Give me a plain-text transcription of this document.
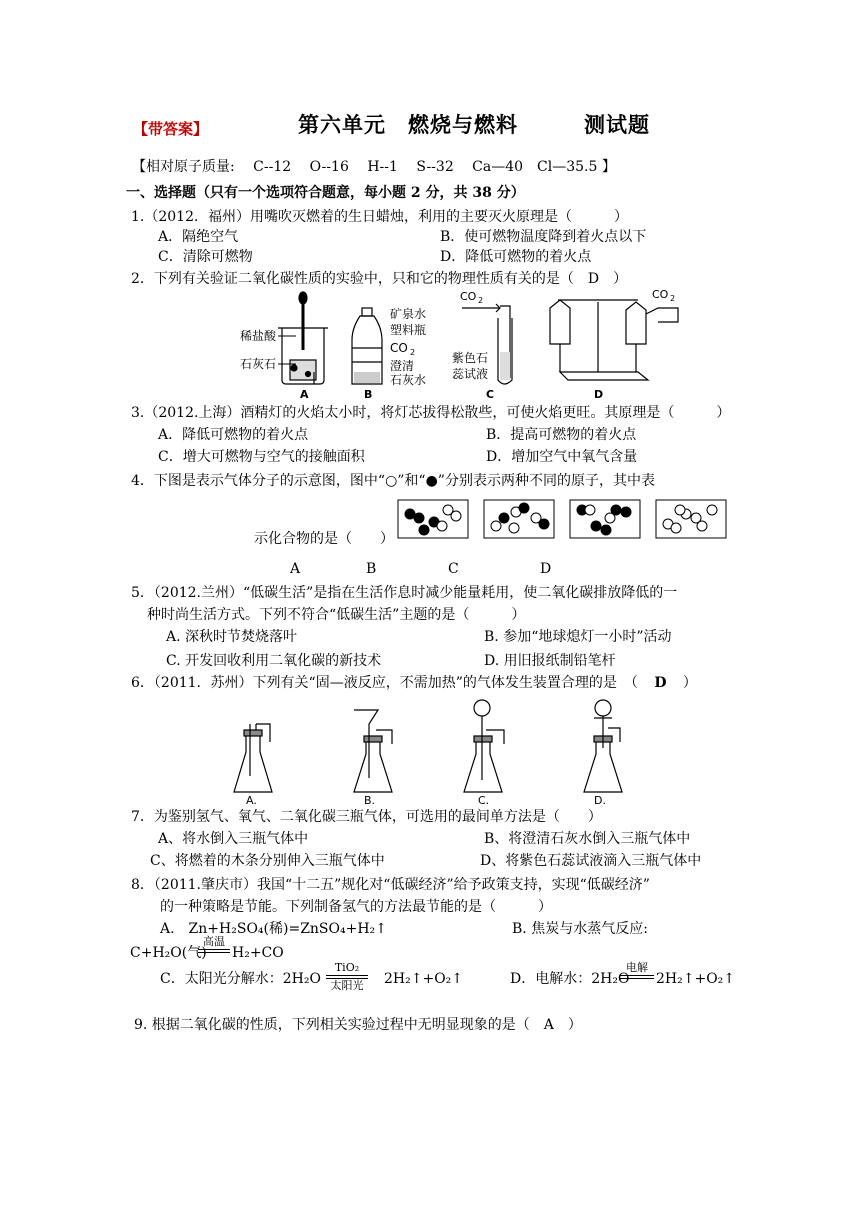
【带答案】	第六单元　燃烧与燃料　　　测试题
【相对原子质量:　 C--12　 O--16　 H--1　 S--32　 Ca—40　Cl—35.5 】
一、选择题（只有一个选项符合题意，每小题 2 分，共 38 分）
1.（2012．福州）用嘴吹灭燃着的生日蜡烛，利用的主要灭火原理是（　　　）
A．隔绝空气	B．使可燃物温度降到着火点以下
C．清除可燃物	D．降低可燃物的着火点
2．下列有关验证二氧化碳性质的实验中，只和它的物理性质有关的是（　D　）
稀盐酸
石灰石
A
矿泉水
塑料瓶
CO 2
澄清
石灰水
B
CO 2
紫色石
蕊试液
C
CO 2
D
3.（2012.上海）酒精灯的火焰太小时，将灯芯拔得松散些，可使火焰更旺。其原理是（　　　）
A．降低可燃物的着火点	B．提高可燃物的着火点
C．增大可燃物与空气的接触面积	D．增加空气中氧气含量
4．下图是表示气体分子的示意图，图中“○”和“●”分别表示两种不同的原子，其中表
示化合物的是（　　）
A	B	C	D
5．（2012.兰州）“低碳生活”是指在生活作息时减少能量耗用，使二氧化碳排放降低的一
种时尚生活方式。下列不符合“低碳生活”主题的是（　　　）
A. 深秋时节焚烧落叶	B. 参加“地球熄灯一小时”活动
C. 开发回收利用二氧化碳的新技术	D. 用旧报纸制铅笔杆
6．（2011．苏州）下列有关“固—液反应，不需加热”的气体发生装置合理的是　（ D ）
A.	B.	C.	D.
7．为鉴别氢气、氧气、二氧化碳三瓶气体，可选用的最间单方法是（　　）
A、将水倒入三瓶气体中	B、将澄清石灰水倒入三瓶气体中
C、将燃着的木条分别伸入三瓶气体中	D、将紫色石蕊试液滴入三瓶气体中
8．（2011.肇庆市）我国“十二五”规化对“低碳经济”给予政策支持，实现“低碳经济”
的一种策略是节能。下列制备氢气的方法最节能的是（　　　）
A.　Zn+H₂SO₄(稀)=ZnSO₄+H₂↑	B. 焦炭与水蒸气反应:
C+H₂O(气)
高温
H₂+CO
C．太阳光分解水：2H₂O
TiO₂
太阳光	2H₂↑+O₂↑	D．电解水：2H₂O
电解
2H₂↑+O₂↑
9. 根据二氧化碳的性质，下列相关实验过程中无明显现象的是（　A　）
